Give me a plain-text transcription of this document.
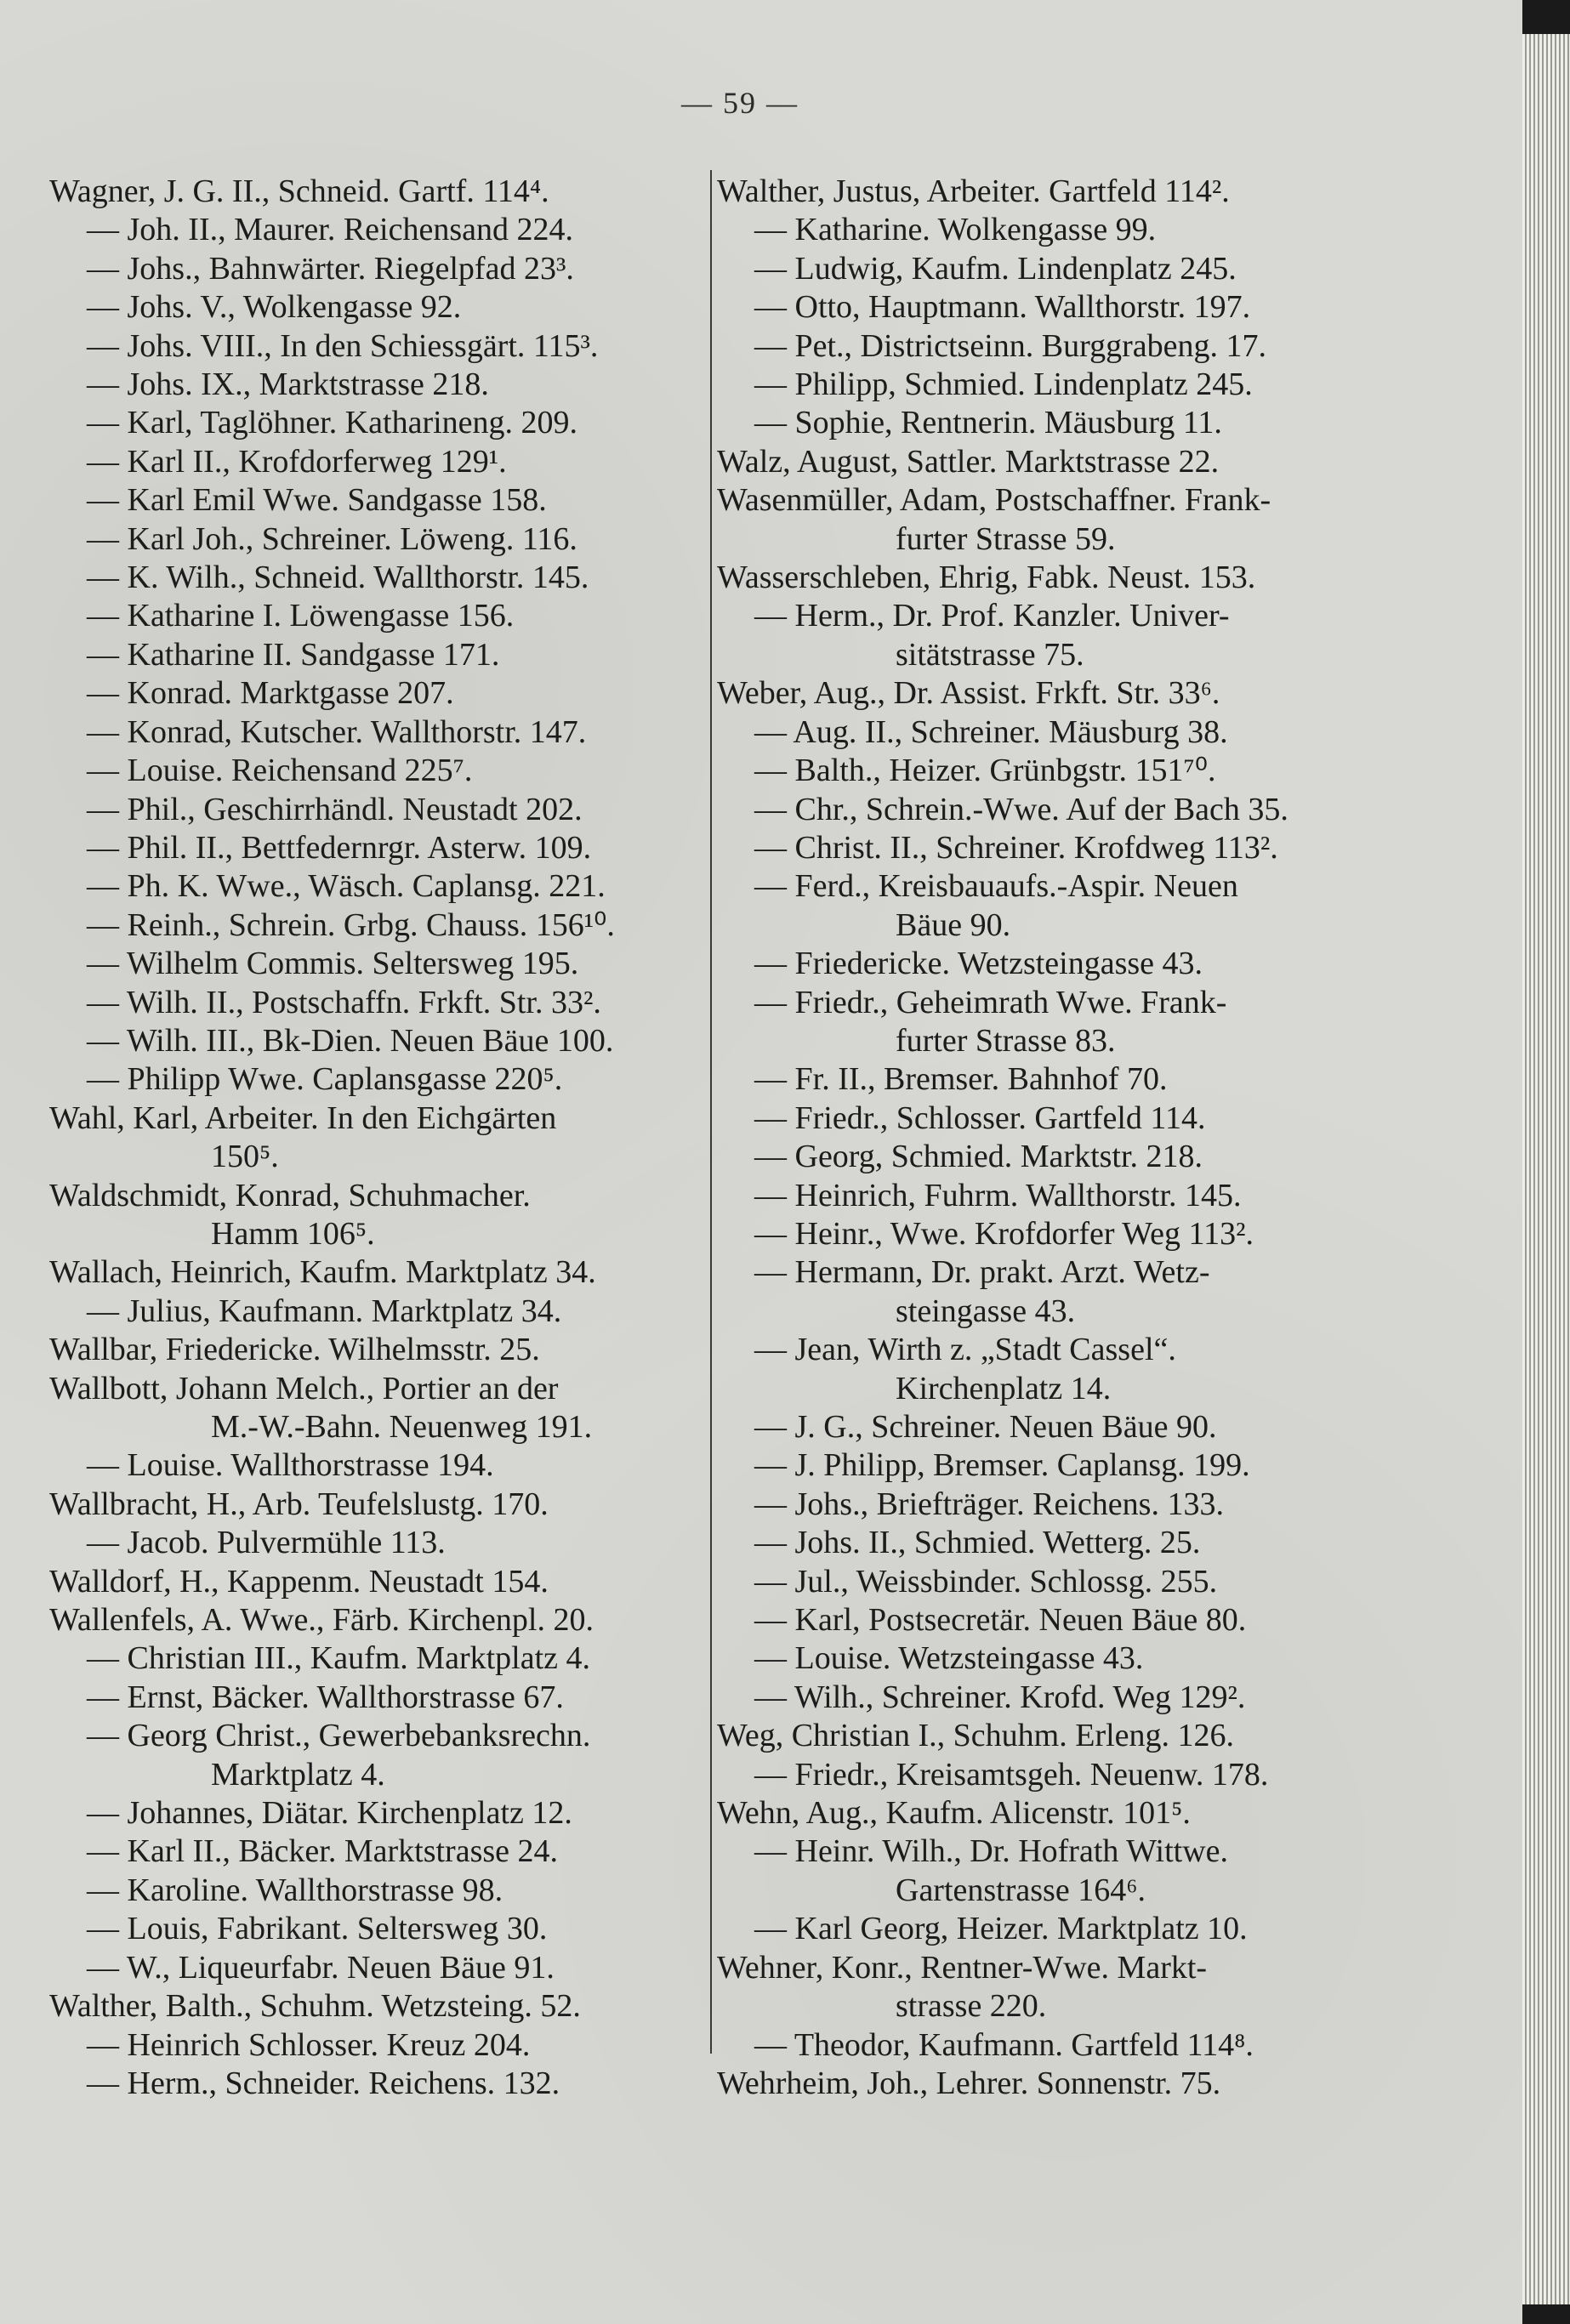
— 59 —
Wagner, J. G. II., Schneid. Gartf. 114⁴.
— Joh. II., Maurer. Reichensand 224.
— Johs., Bahnwärter. Riegelpfad 23³.
— Johs. V., Wolkengasse 92.
— Johs. VIII., In den Schiessgärt. 115³.
— Johs. IX., Marktstrasse 218.
— Karl, Taglöhner. Katharineng. 209.
— Karl II., Krofdorferweg 129¹.
— Karl Emil Wwe. Sandgasse 158.
— Karl Joh., Schreiner. Löweng. 116.
— K. Wilh., Schneid. Wallthorstr. 145.
— Katharine I. Löwengasse 156.
— Katharine II. Sandgasse 171.
— Konrad. Marktgasse 207.
— Konrad, Kutscher. Wallthorstr. 147.
— Louise. Reichensand 225⁷.
— Phil., Geschirrhändl. Neustadt 202.
— Phil. II., Bettfedernrgr. Asterw. 109.
— Ph. K. Wwe., Wäsch. Caplansg. 221.
— Reinh., Schrein. Grbg. Chauss. 156¹⁰.
— Wilhelm Commis. Seltersweg 195.
— Wilh. II., Postschaffn. Frkft. Str. 33².
— Wilh. III., Bk-Dien. Neuen Bäue 100.
— Philipp Wwe. Caplansgasse 220⁵.
Wahl, Karl, Arbeiter. In den Eichgärten
150⁵.
Waldschmidt, Konrad, Schuhmacher.
Hamm 106⁵.
Wallach, Heinrich, Kaufm. Marktplatz 34.
— Julius, Kaufmann. Marktplatz 34.
Wallbar, Friedericke. Wilhelmsstr. 25.
Wallbott, Johann Melch., Portier an der
M.-W.-Bahn. Neuenweg 191.
— Louise. Wallthorstrasse 194.
Wallbracht, H., Arb. Teufelslustg. 170.
— Jacob. Pulvermühle 113.
Walldorf, H., Kappenm. Neustadt 154.
Wallenfels, A. Wwe., Färb. Kirchenpl. 20.
— Christian III., Kaufm. Marktplatz 4.
— Ernst, Bäcker. Wallthorstrasse 67.
— Georg Christ., Gewerbebanksrechn.
Marktplatz 4.
— Johannes, Diätar. Kirchenplatz 12.
— Karl II., Bäcker. Marktstrasse 24.
— Karoline. Wallthorstrasse 98.
— Louis, Fabrikant. Seltersweg 30.
— W., Liqueurfabr. Neuen Bäue 91.
Walther, Balth., Schuhm. Wetzsteing. 52.
— Heinrich Schlosser. Kreuz 204.
— Herm., Schneider. Reichens. 132.
Walther, Justus, Arbeiter. Gartfeld 114².
— Katharine. Wolkengasse 99.
— Ludwig, Kaufm. Lindenplatz 245.
— Otto, Hauptmann. Wallthorstr. 197.
— Pet., Districtseinn. Burggrabeng. 17.
— Philipp, Schmied. Lindenplatz 245.
— Sophie, Rentnerin. Mäusburg 11.
Walz, August, Sattler. Marktstrasse 22.
Wasenmüller, Adam, Postschaffner. Frank-
furter Strasse 59.
Wasserschleben, Ehrig, Fabk. Neust. 153.
— Herm., Dr. Prof. Kanzler. Univer-
sitätstrasse 75.
Weber, Aug., Dr. Assist. Frkft. Str. 33⁶.
— Aug. II., Schreiner. Mäusburg 38.
— Balth., Heizer. Grünbgstr. 151⁷⁰.
— Chr., Schrein.-Wwe. Auf der Bach 35.
— Christ. II., Schreiner. Krofdweg 113².
— Ferd., Kreisbauaufs.-Aspir. Neuen
Bäue 90.
— Friedericke. Wetzsteingasse 43.
— Friedr., Geheimrath Wwe. Frank-
furter Strasse 83.
— Fr. II., Bremser. Bahnhof 70.
— Friedr., Schlosser. Gartfeld 114.
— Georg, Schmied. Marktstr. 218.
— Heinrich, Fuhrm. Wallthorstr. 145.
— Heinr., Wwe. Krofdorfer Weg 113².
— Hermann, Dr. prakt. Arzt. Wetz-
steingasse 43.
— Jean, Wirth z. „Stadt Cassel“.
Kirchenplatz 14.
— J. G., Schreiner. Neuen Bäue 90.
— J. Philipp, Bremser. Caplansg. 199.
— Johs., Briefträger. Reichens. 133.
— Johs. II., Schmied. Wetterg. 25.
— Jul., Weissbinder. Schlossg. 255.
— Karl, Postsecretär. Neuen Bäue 80.
— Louise. Wetzsteingasse 43.
— Wilh., Schreiner. Krofd. Weg 129².
Weg, Christian I., Schuhm. Erleng. 126.
— Friedr., Kreisamtsgeh. Neuenw. 178.
Wehn, Aug., Kaufm. Alicenstr. 101⁵.
— Heinr. Wilh., Dr. Hofrath Wittwe.
Gartenstrasse 164⁶.
— Karl Georg, Heizer. Marktplatz 10.
Wehner, Konr., Rentner-Wwe. Markt-
strasse 220.
— Theodor, Kaufmann. Gartfeld 114⁸.
Wehrheim, Joh., Lehrer. Sonnenstr. 75.
